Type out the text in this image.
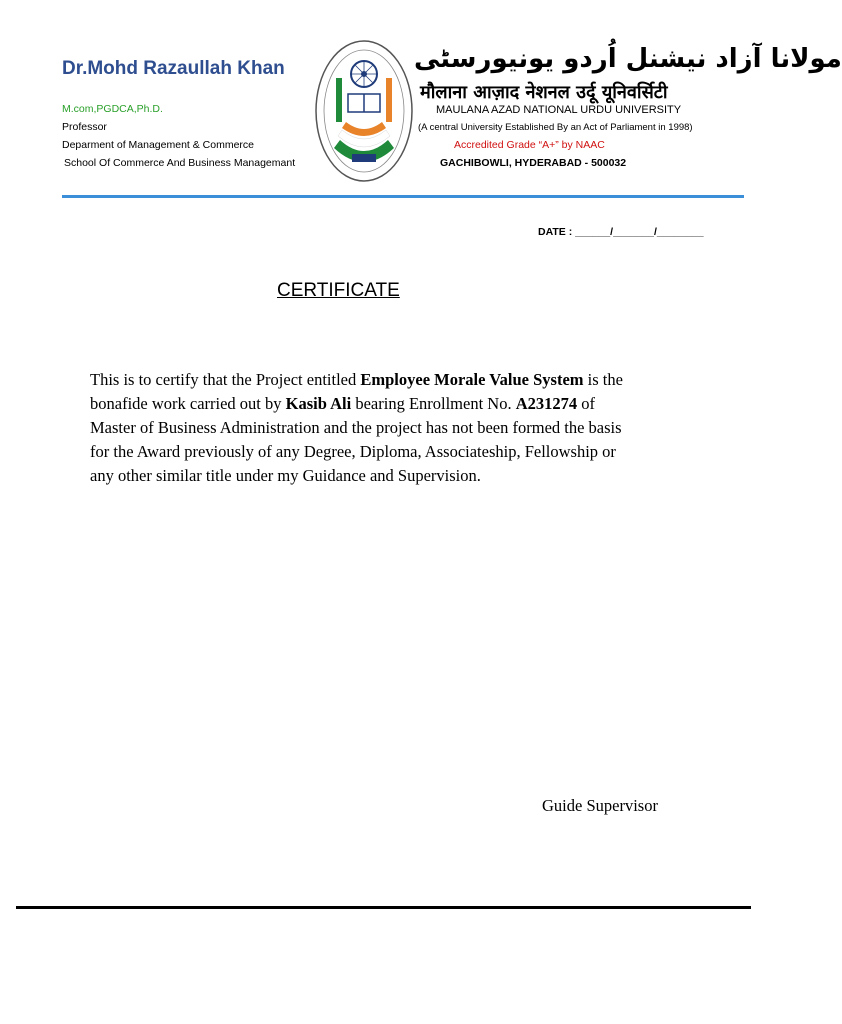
Dr.Mohd Razaullah Khan
M.com,PGDCA,Ph.D.
Professor
Deparment of Management & Commerce
School Of Commerce And Business Managemant
مولانا آزاد نیشنل اُردو یونیورسٹی
मौलाना आज़ाद नेशनल उर्दू यूनिवर्सिटी
MAULANA AZAD NATIONAL URDU UNIVERSITY
(A central University Established By an Act of Parliament in 1998)
Accredited Grade “A+” by NAAC
GACHIBOWLI, HYDERABAD - 500032
DATE : ______/_______/________
CERTIFICATE
This is to certify that the Project entitled Employee Morale Value System is the
bonafide work carried out by Kasib Ali bearing Enrollment No. A231274 of
Master of Business Administration and the project has not been formed the basis
for the Award previously of any Degree, Diploma, Associateship, Fellowship or
any other similar title under my Guidance and Supervision.
Guide Supervisor
